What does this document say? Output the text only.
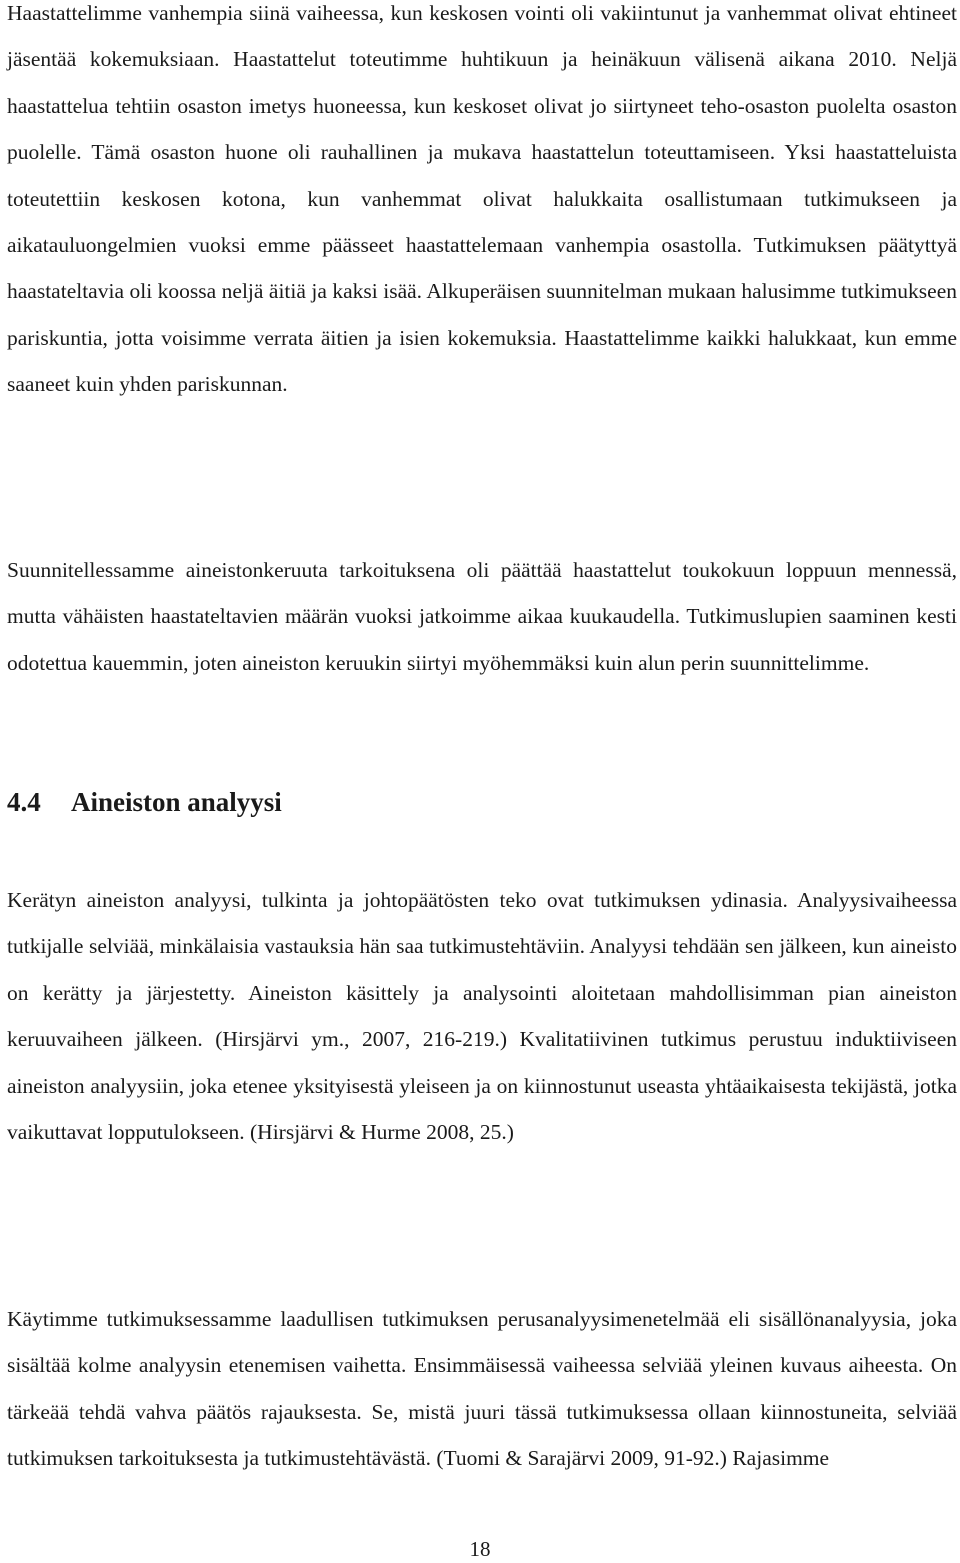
Haastattelimme vanhempia siinä vaiheessa, kun keskosen vointi oli vakiintunut ja vanhemmat olivat ehtineet jäsentää kokemuksiaan. Haastattelut toteutimme huhtikuun ja heinäkuun välisenä aikana 2010. Neljä haastattelua tehtiin osaston imetys huoneessa, kun keskoset olivat jo siirtyneet teho-osaston puolelta osaston puolelle. Tämä osaston huone oli rauhallinen ja mukava haastattelun toteuttamiseen. Yksi haastatteluista toteutettiin keskosen kotona, kun vanhemmat olivat halukkaita osallistumaan tutkimukseen ja aikatauluongelmien vuoksi emme päässeet haastattelemaan vanhempia osastolla. Tutkimuksen päätyttyä haastateltavia oli koossa neljä äitiä ja kaksi isää. Alkuperäisen suunnitelman mukaan halusimme tutkimukseen pariskuntia, jotta voisimme verrata äitien ja isien kokemuksia. Haastattelimme kaikki halukkaat, kun emme saaneet kuin yhden pariskunnan.

Suunnitellessamme aineistonkeruuta tarkoituksena oli päättää haastattelut toukokuun loppuun mennessä, mutta vähäisten haastateltavien määrän vuoksi jatkoimme aikaa kuukaudella. Tutkimuslupien saaminen kesti odotettua kauemmin, joten aineiston keruukin siirtyi myöhemmäksi kuin alun perin suunnittelimme.

4.4 Aineiston analyysi

Kerätyn aineiston analyysi, tulkinta ja johtopäätösten teko ovat tutkimuksen ydinasia. Analyysivaiheessa tutkijalle selviää, minkälaisia vastauksia hän saa tutkimustehtäviin. Analyysi tehdään sen jälkeen, kun aineisto on kerätty ja järjestetty. Aineiston käsittely ja analysointi aloitetaan mahdollisimman pian aineiston keruuvaiheen jälkeen. (Hirsjärvi ym., 2007, 216-219.) Kvalitatiivinen tutkimus perustuu induktiiviseen aineiston analyysiin, joka etenee yksityisestä yleiseen ja on kiinnostunut useasta yhtäaikaisesta tekijästä, jotka vaikuttavat lopputulokseen. (Hirsjärvi & Hurme 2008, 25.)

Käytimme tutkimuksessamme laadullisen tutkimuksen perusanalyysimenetelmää eli sisällönanalyysia, joka sisältää kolme analyysin etenemisen vaihetta. Ensimmäisessä vaiheessa selviää yleinen kuvaus aiheesta. On tärkeää tehdä vahva päätös rajauksesta. Se, mistä juuri tässä tutkimuksessa ollaan kiinnostuneita, selviää tutkimuksen tarkoituksesta ja tutkimustehtävästä. (Tuomi & Sarajärvi 2009, 91-92.) Rajasimme

18
